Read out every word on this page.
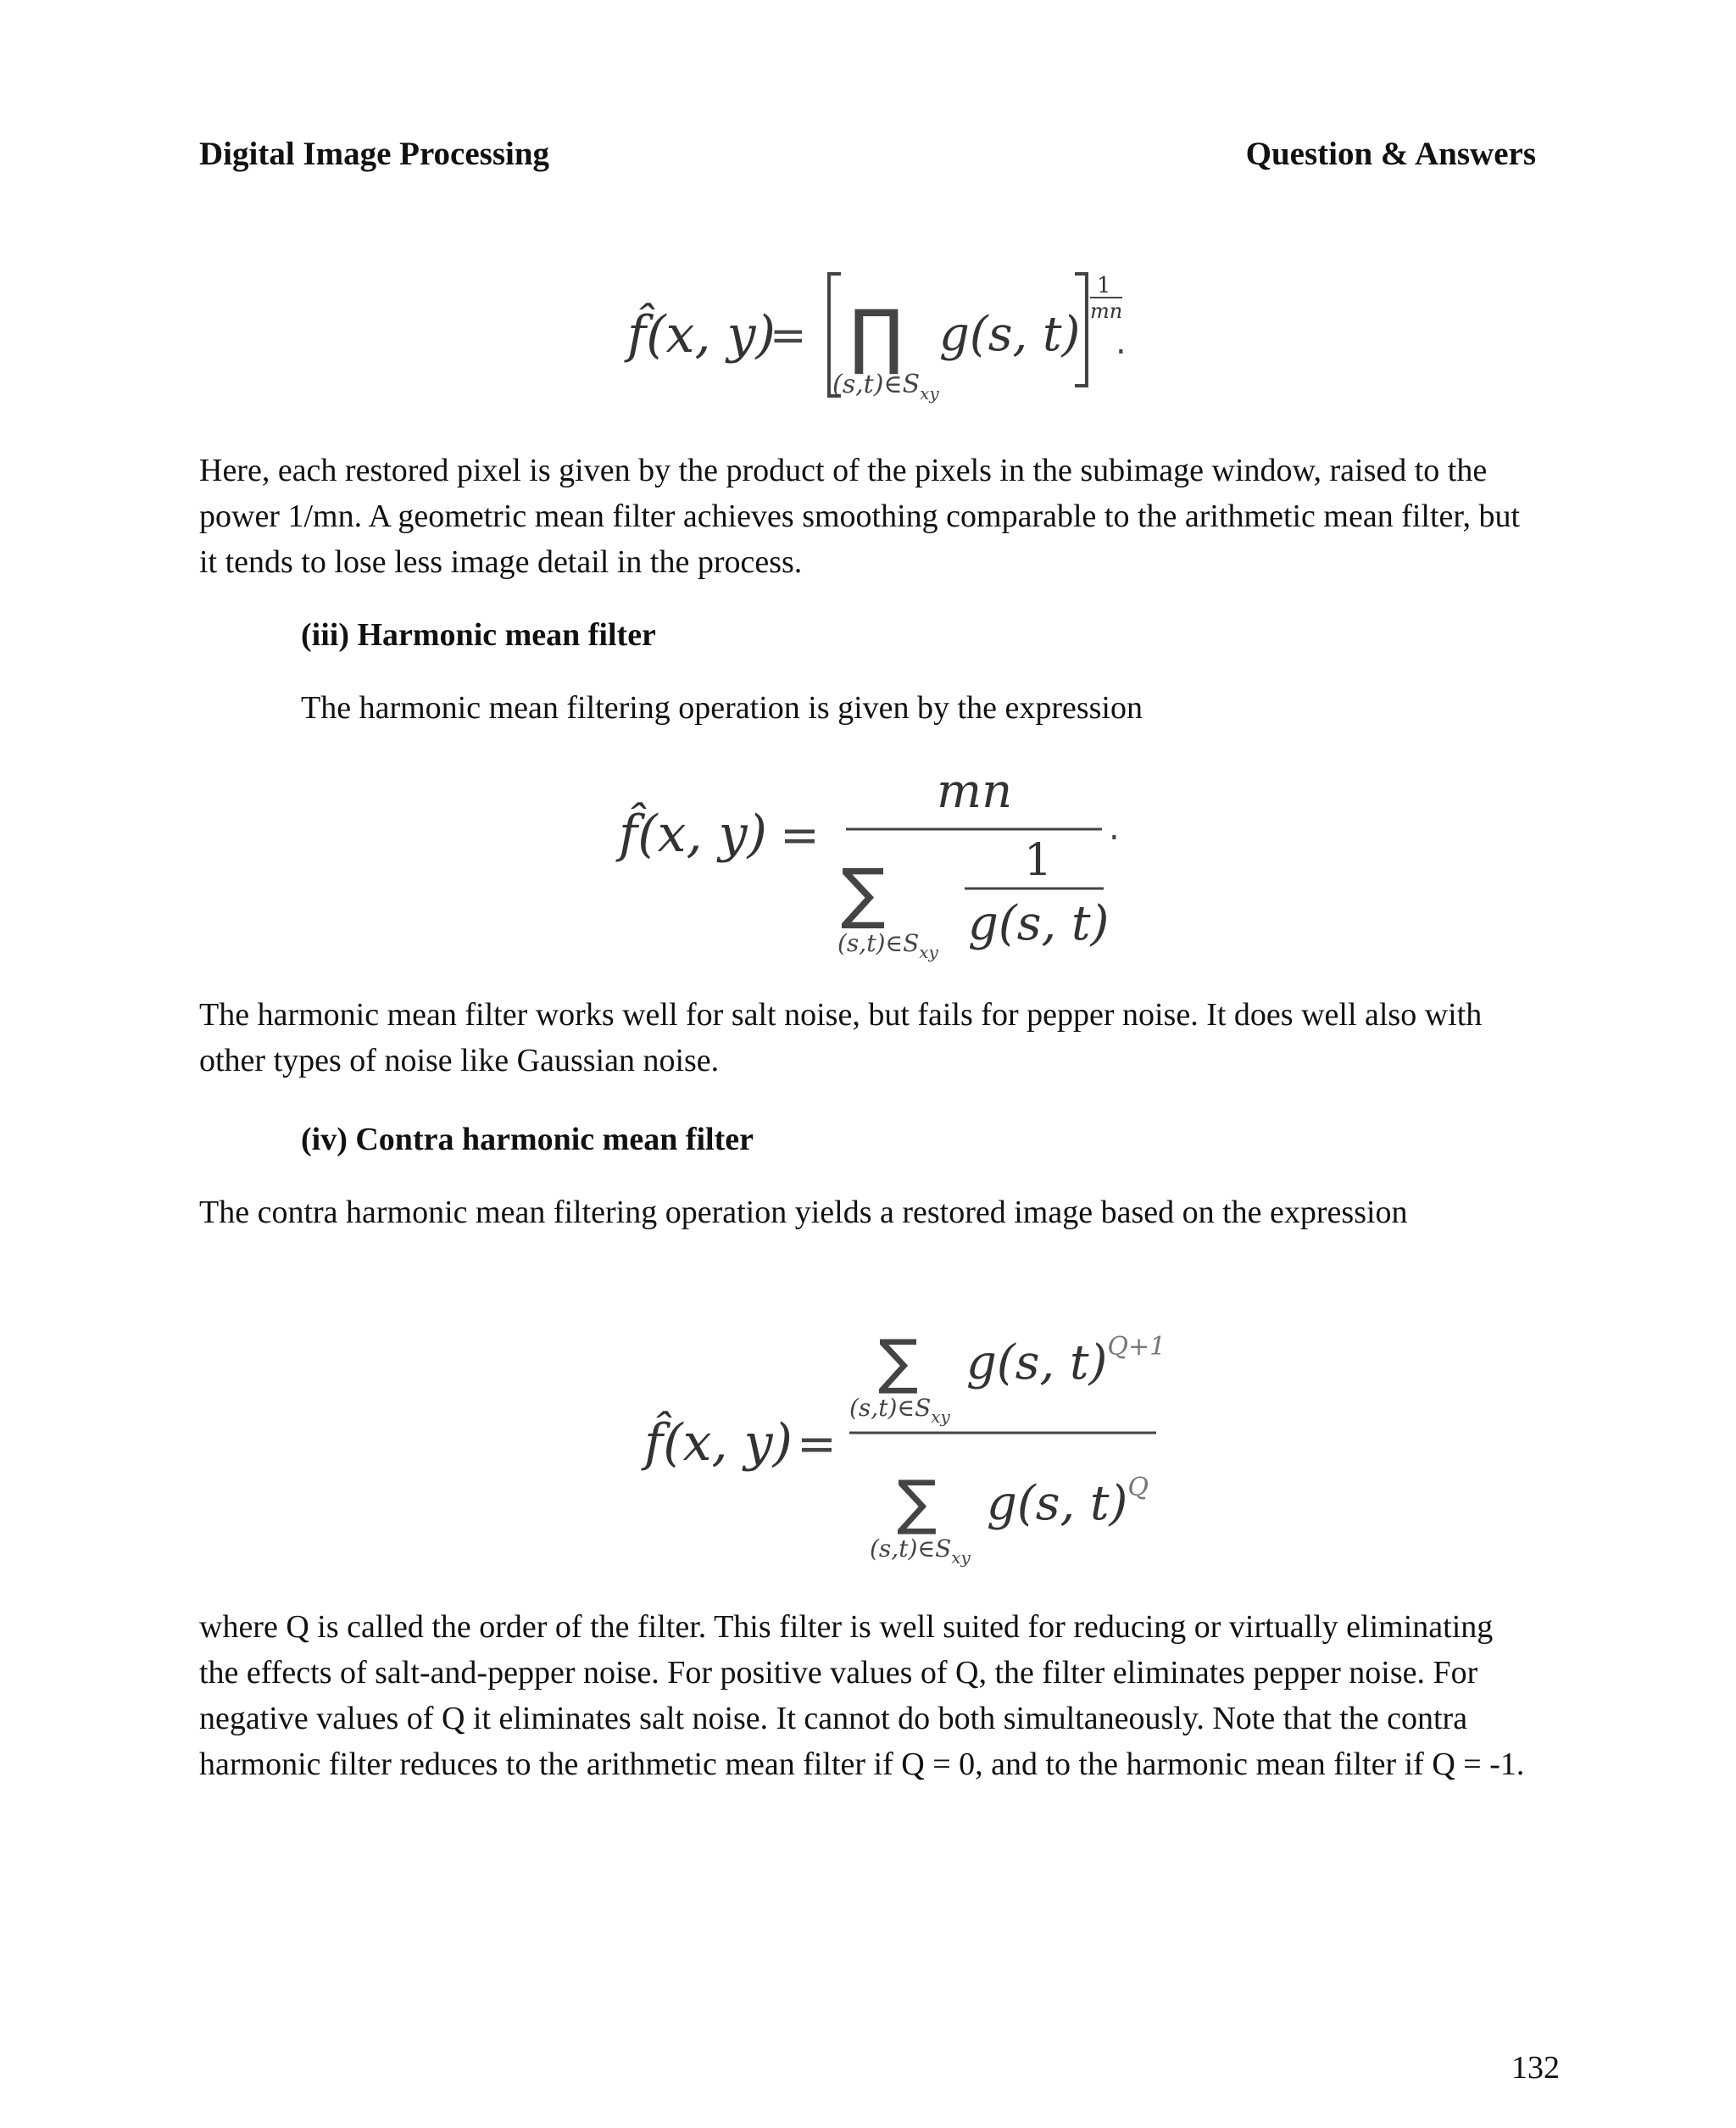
Digital Image Processing	Question & Answers
f̂(x, y)
= ∏ g(s, t)
$(s,t)\in S_{xy}$
1
mn
.

Here, each restored pixel is given by the product of the pixels in the subimage window, raised to the power 1/mn. A geometric mean filter achieves smoothing comparable to the arithmetic mean filter, but it tends to lose less image detail in the process.

(iii) Harmonic mean filter
The harmonic mean filtering operation is given by the expression
f̂(x, y) =
mn
∑
$(s,t)\in S_{xy}$
1
g(s, t)
.

The harmonic mean filter works well for salt noise, but fails for pepper noise. It does well also with other types of noise like Gaussian noise.

(iv) Contra harmonic mean filter
The contra harmonic mean filtering operation yields a restored image based on the expression
∑ g(s, t)$^{Q+1}$
$(s,t)\in S_{xy}$
f̂(x, y) =
∑ g(s, t)$^Q$
$(s,t)\in S_{xy}$

where Q is called the order of the filter. This filter is well suited for reducing or virtually eliminating the effects of salt-and-pepper noise. For positive values of Q, the filter eliminates pepper noise. For negative values of Q it eliminates salt noise. It cannot do both simultaneously. Note that the contra harmonic filter reduces to the arithmetic mean filter if Q = 0, and to the harmonic mean filter if Q = -1.

132
